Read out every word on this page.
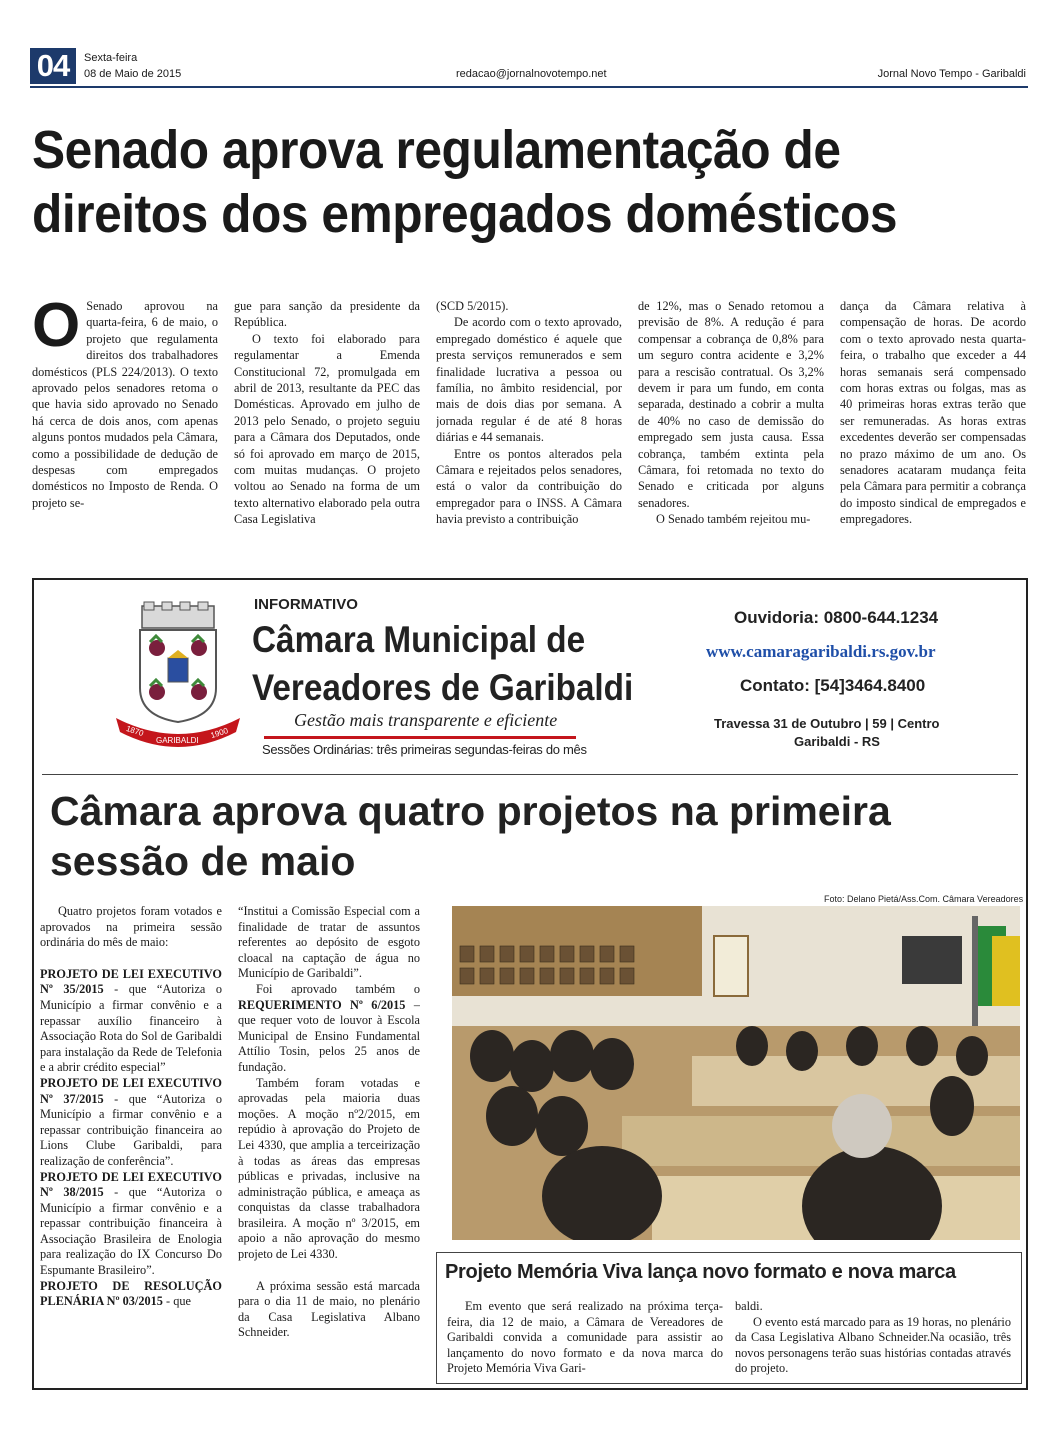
04	Sexta-feira
08 de Maio de 2015	redacao@jornalnovotempo.net	Jornal Novo Tempo - Garibaldi
Senado aprova regulamentação de direitos dos empregados domésticos
O Senado aprovou na quarta-feira, 6 de maio, o projeto que regulamenta direitos dos trabalhadores domésticos (PLS 224/2013). O texto aprovado pelos senadores retoma o que havia sido aprovado no Senado há cerca de dois anos, com apenas alguns pontos mudados pela Câmara, como a possibilidade de dedução de despesas com empregados domésticos no Imposto de Renda. O projeto se-

gue para sanção da presidente da República.

O texto foi elaborado para regulamentar a Emenda Constitucional 72, promulgada em abril de 2013, resultante da PEC das Domésticas. Aprovado em julho de 2013 pelo Senado, o projeto seguiu para a Câmara dos Deputados, onde só foi aprovado em março de 2015, com muitas mudanças. O projeto voltou ao Senado na forma de um texto alternativo elaborado pela outra Casa Legislativa

(SCD 5/2015).

De acordo com o texto aprovado, empregado doméstico é aquele que presta serviços remunerados e sem finalidade lucrativa a pessoa ou família, no âmbito residencial, por mais de dois dias por semana. A jornada regular é de até 8 horas diárias e 44 semanais.

Entre os pontos alterados pela Câmara e rejeitados pelos senadores, está o valor da contribuição do empregador para o INSS. A Câmara havia previsto a contribuição

de 12%, mas o Senado retomou a previsão de 8%. A redução é para compensar a cobrança de 0,8% para um seguro contra acidente e 3,2% para a rescisão contratual. Os 3,2% devem ir para um fundo, em conta separada, destinado a cobrir a multa de 40% no caso de demissão do empregado sem justa causa. Essa cobrança, também extinta pela Câmara, foi retomada no texto do Senado e criticada por alguns senadores.

O Senado também rejeitou mu-

dança da Câmara relativa à compensação de horas. De acordo com o texto aprovado nesta quarta-feira, o trabalho que exceder a 44 horas semanais será compensado com horas extras ou folgas, mas as 40 primeiras horas extras terão que ser remuneradas. As horas extras excedentes deverão ser compensadas no prazo máximo de um ano. Os senadores acataram mudança feita pela Câmara para permitir a cobrança do imposto sindical de empregados e empregadores.

1870
GARIBALDI
1900
INFORMATIVO
Câmara Municipal de
Vereadores de Garibaldi
Gestão mais transparente e eficiente
Sessões Ordinárias: três primeiras segundas-feiras do mês
Ouvidoria: 0800-644.1234
www.camaragaribaldi.rs.gov.br
Contato: [54]3464.8400
Travessa 31 de Outubro | 59 | Centro
Garibaldi - RS
Câmara aprova quatro projetos na primeira sessão de maio

Quatro projetos foram votados e aprovados na primeira sessão ordinária do mês de maio:

PROJETO DE LEI EXECUTIVO Nº 35/2015 - que “Autoriza o Município a firmar convênio e a repassar auxílio financeiro à Associação Rota do Sol de Garibaldi para instalação da Rede de Telefonia e a abrir crédito especial”

PROJETO DE LEI EXECUTIVO Nº 37/2015 - que “Autoriza o Município a firmar convênio e a repassar contribuição financeira ao Lions Clube Garibaldi, para realização de conferência”.

PROJETO DE LEI EXECUTIVO Nº 38/2015 - que “Autoriza o Município a firmar convênio e a repassar contribuição financeira à Associação Brasileira de Enologia para realização do IX Concurso Do Espumante Brasileiro”.

PROJETO DE RESOLUÇÃO PLENÁRIA Nº 03/2015 - que

“Institui a Comissão Especial com a finalidade de tratar de assuntos referentes ao depósito de esgoto cloacal na captação de água no Município de Garibaldi”.

Foi aprovado também o REQUERIMENTO Nº 6/2015 – que requer voto de louvor à Escola Municipal de Ensino Fundamental Attílio Tosin, pelos 25 anos de fundação.

Também foram votadas e aprovadas pela maioria duas moções. A moção nº2/2015, em repúdio à aprovação do Projeto de Lei 4330, que amplia a terceirização à todas as áreas das empresas públicas e privadas, inclusive na administração pública, e ameaça as conquistas da classe trabalhadora brasileira. A moção nº 3/2015, em apoio a não aprovação do mesmo projeto de Lei 4330.

A próxima sessão está marcada para o dia 11 de maio, no plenário da Casa Legislativa Albano Schneider.

Foto: Delano Pietá/Ass.Com. Câmara Vereadores
Projeto Memória Viva lança novo formato e nova marca

Em evento que será realizado na próxima terça-feira, dia 12 de maio, a Câmara de Vereadores de Garibaldi convida a comunidade para assistir ao lançamento do novo formato e da nova marca do Projeto Memória Viva Gari-

baldi.

O evento está marcado para as 19 horas, no plenário da Casa Legislativa Albano Schneider.Na ocasião, três novos personagens terão suas histórias contadas através do projeto.
